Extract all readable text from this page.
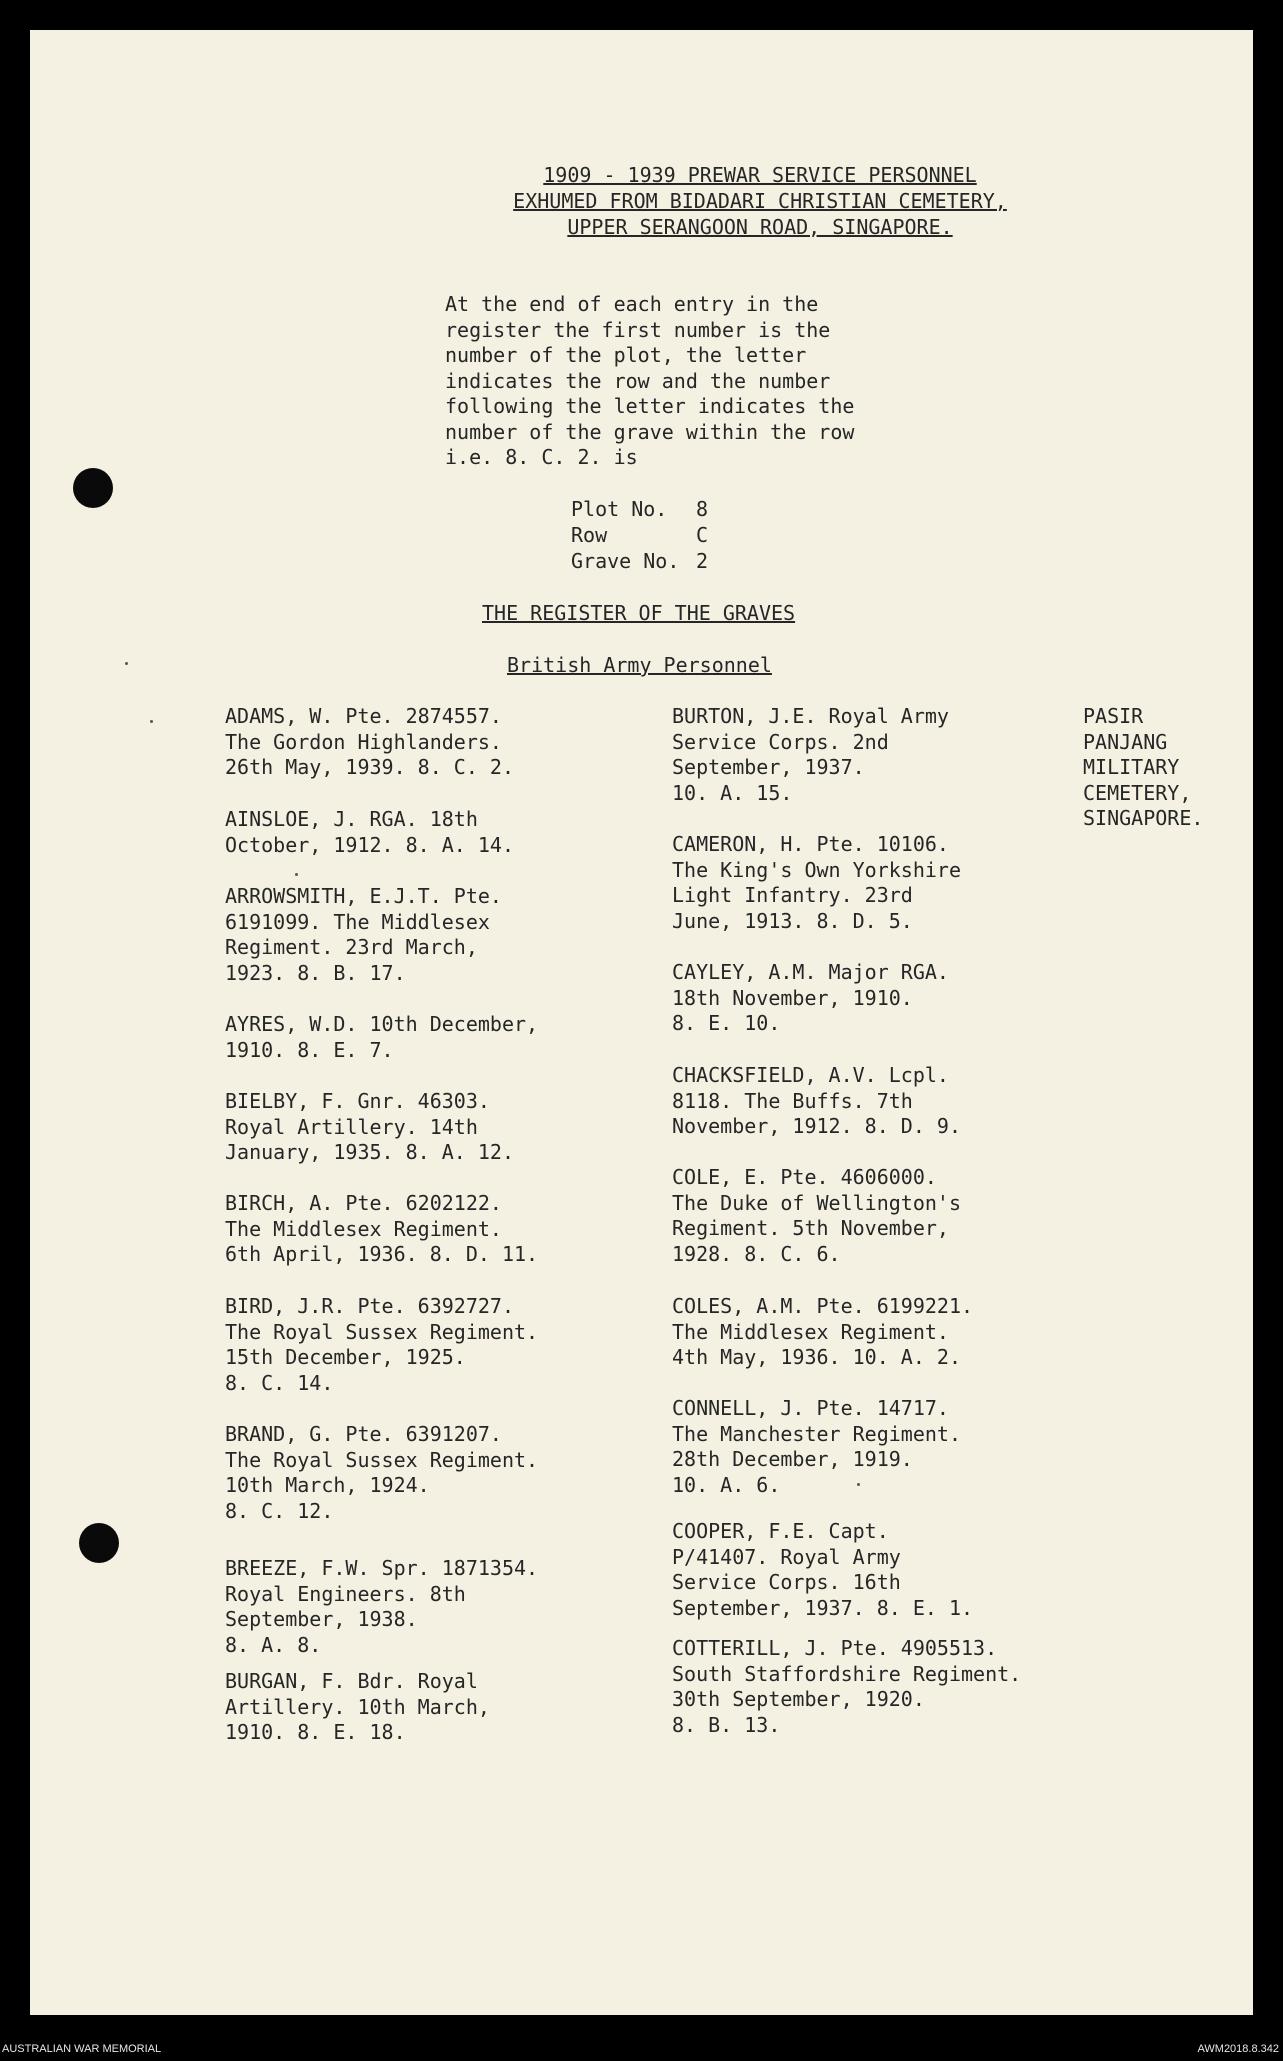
1909 - 1939 PREWAR SERVICE PERSONNEL
EXHUMED FROM BIDADARI CHRISTIAN CEMETERY,
UPPER SERANGOON ROAD, SINGAPORE.

At the end of each entry in the
register the first number is the
number of the plot, the letter
indicates the row and the number
following the letter indicates the
number of the grave within the row
i.e. 8. C. 2. is

Plot No.	8
Row	C
Grave No. 2
THE REGISTER OF THE GRAVES
British Army Personnel
ADAMS, W. Pte. 2874557.
The Gordon Highlanders.
26th May, 1939. 8. C. 2.
AINSLOE, J. RGA. 18th
October, 1912. 8. A. 14.
ARROWSMITH, E.J.T. Pte.
6191099. The Middlesex
Regiment. 23rd March,
1923. 8. B. 17.
AYRES, W.D. 10th December,
1910. 8. E. 7.
BIELBY, F. Gnr. 46303.
Royal Artillery. 14th
January, 1935. 8. A. 12.
BIRCH, A. Pte. 6202122.
The Middlesex Regiment.
6th April, 1936. 8. D. 11.
BIRD, J.R. Pte. 6392727.
The Royal Sussex Regiment.
15th December, 1925.
8. C. 14.
BRAND, G. Pte. 6391207.
The Royal Sussex Regiment.
10th March, 1924.
8. C. 12.
BREEZE, F.W. Spr. 1871354.
Royal Engineers. 8th
September, 1938.
8. A. 8.
BURGAN, F. Bdr. Royal
Artillery. 10th March,
1910. 8. E. 18.
BURTON, J.E. Royal Army
Service Corps. 2nd
September, 1937.
10. A. 15.
CAMERON, H. Pte. 10106.
The King's Own Yorkshire
Light Infantry. 23rd
June, 1913. 8. D. 5.
CAYLEY, A.M. Major RGA.
18th November, 1910.
8. E. 10.
CHACKSFIELD, A.V. Lcpl.
8118. The Buffs. 7th
November, 1912. 8. D. 9.
COLE, E. Pte. 4606000.
The Duke of Wellington's
Regiment. 5th November,
1928. 8. C. 6.
COLES, A.M. Pte. 6199221.
The Middlesex Regiment.
4th May, 1936. 10. A. 2.
CONNELL, J. Pte. 14717.
The Manchester Regiment.
28th December, 1919.
10. A. 6.
COOPER, F.E. Capt.
P/41407. Royal Army
Service Corps. 16th
September, 1937. 8. E. 1.
COTTERILL, J. Pte. 4905513.
South Staffordshire Regiment.
30th September, 1920.
8. B. 13.
PASIR
PANJANG
MILITARY
CEMETERY,
SINGAPORE.
AUSTRALIAN WAR MEMORIAL	AWM2018.8.342
